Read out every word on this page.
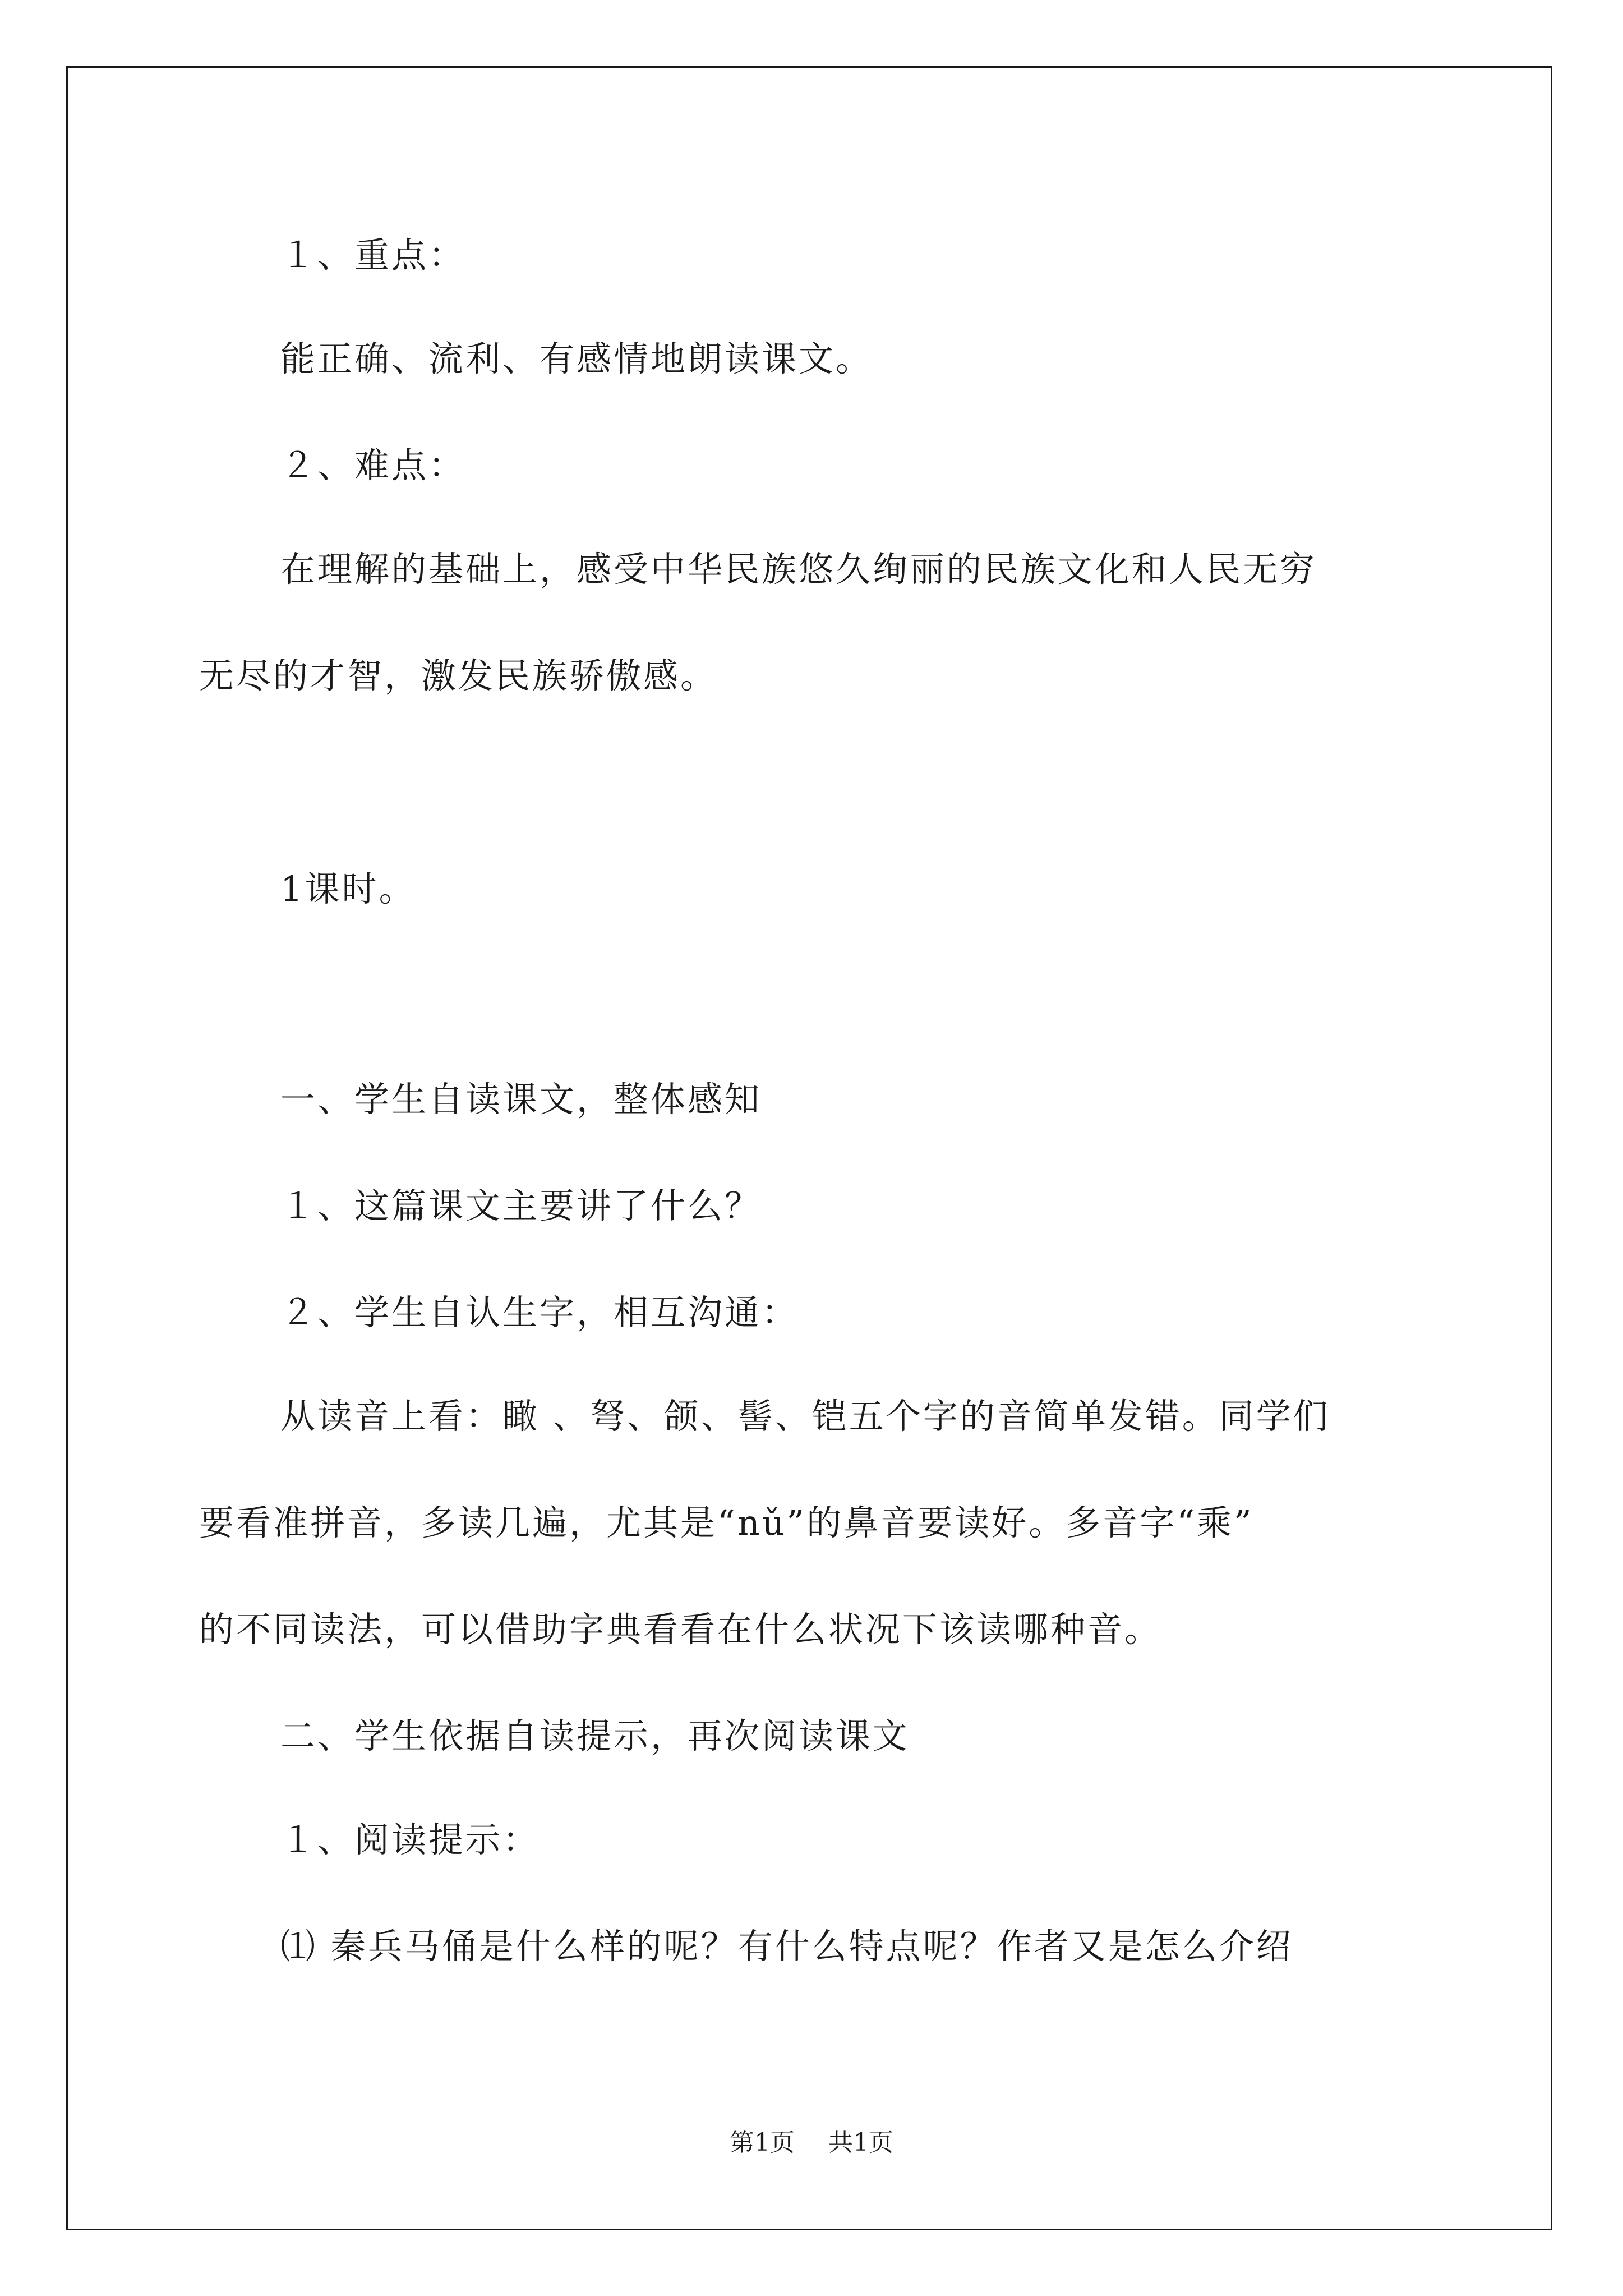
１、重点：
能正确、流利、有感情地朗读课文。
２、难点：
在理解的基础上，感受中华民族悠久绚丽的民族文化和人民无穷
无尽的才智，激发民族骄傲感。
1课时。
一、学生自读课文，整体感知
１、这篇课文主要讲了什么？
２、学生自认生字，相互沟通：
从读音上看：瞰 、弩、颌、髻、铠五个字的音简单发错。同学们
要看准拼音，多读几遍，尤其是“nǔ”的鼻音要读好。多音字“乘”
的不同读法，可以借助字典看看在什么状况下该读哪种音。
二、学生依据自读提示，再次阅读课文
１、阅读提示：
⑴ 秦兵马俑是什么样的呢？有什么特点呢？作者又是怎么介绍
第1页 共1页
